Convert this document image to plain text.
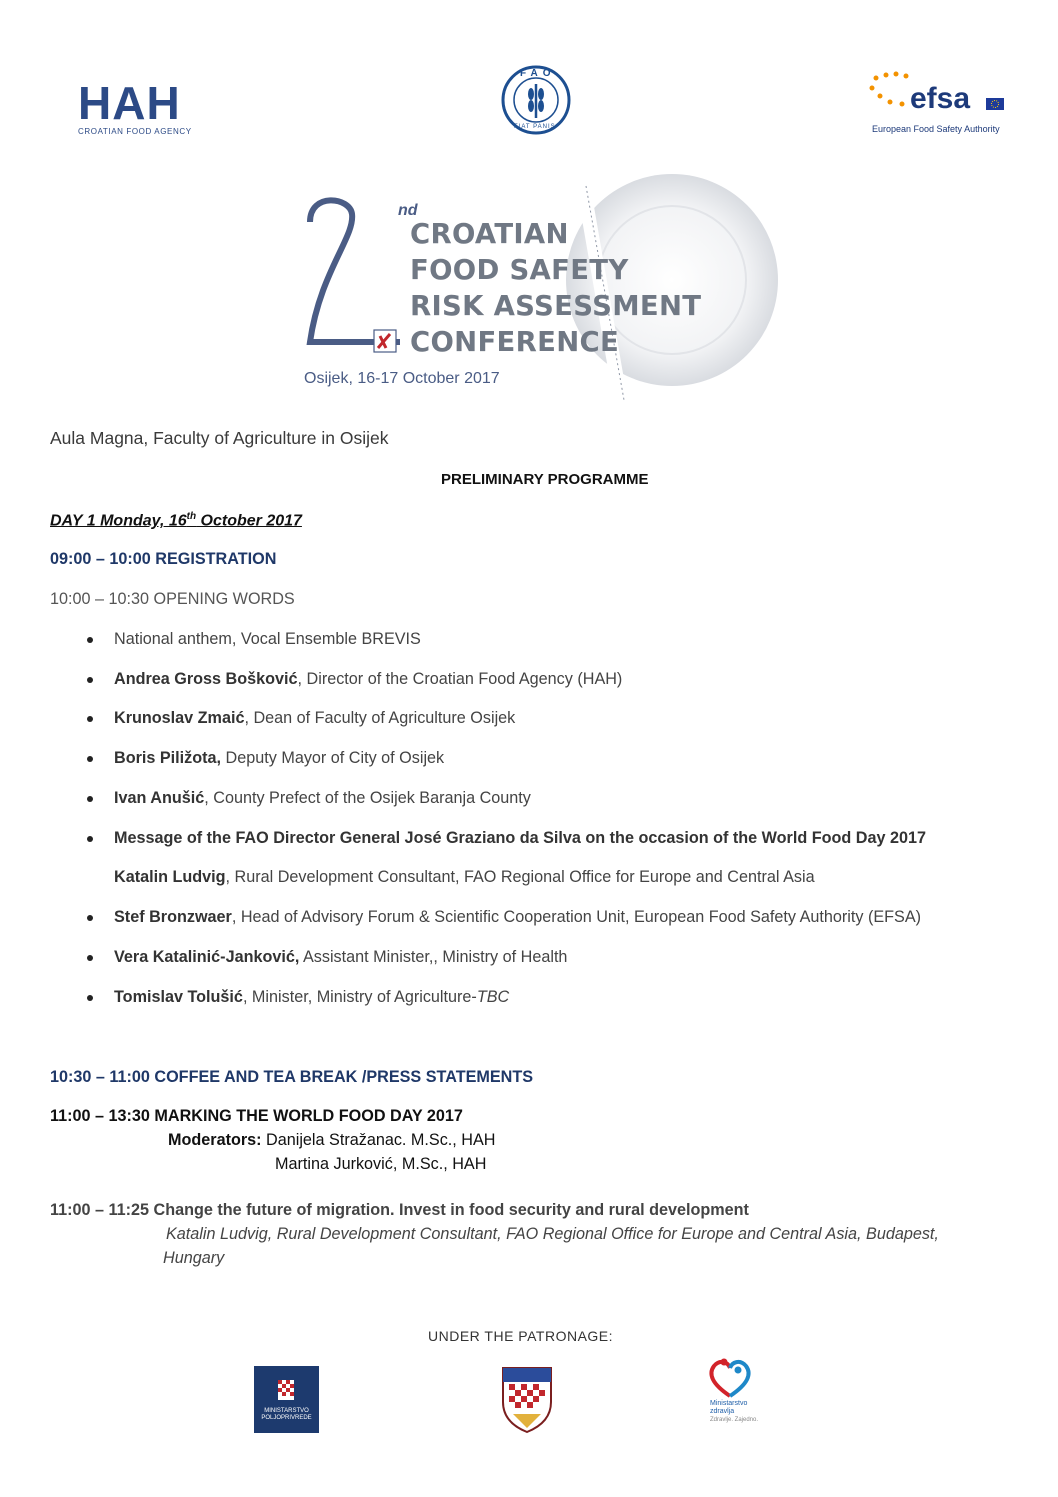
HAH
CROATIAN FOOD AGENCY
FAO
FIAT PANIS
efsa
European Food Safety Authority
nd
CROATIAN
FOOD SAFETY
RISK ASSESSMENT
CONFERENCE
Osijek, 16-17 October 2017
Aula Magna, Faculty of Agriculture in Osijek
PRELIMINARY PROGRAMME
DAY 1 Monday, 16th October 2017
09:00 – 10:00 REGISTRATION
10:00 – 10:30 OPENING WORDS
National anthem, Vocal Ensemble BREVIS
Andrea Gross Bošković, Director of the Croatian Food Agency (HAH)
Krunoslav Zmaić, Dean of Faculty of Agriculture Osijek
Boris Piližota, Deputy Mayor of City of Osijek
Ivan Anušić, County Prefect of the Osijek Baranja County
Message of the FAO Director General José Graziano da Silva on the occasion of the World Food Day 2017
Katalin Ludvig, Rural Development Consultant, FAO Regional Office for Europe and Central Asia
Stef Bronzwaer, Head of Advisory Forum & Scientific Cooperation Unit, European Food Safety Authority (EFSA)
Vera Katalinić-Janković, Assistant Minister,, Ministry of Health
Tomislav Tolušić, Minister, Ministry of Agriculture-TBC
10:30 – 11:00 COFFEE AND TEA BREAK /PRESS STATEMENTS
11:00 – 13:30 MARKING THE WORLD FOOD DAY 2017
Moderators: Danijela Stražanac. M.Sc., HAH
Martina Jurković, M.Sc., HAH
11:00 – 11:25 Change the future of migration. Invest in food security and rural development
Katalin Ludvig, Rural Development Consultant, FAO Regional Office for Europe and Central Asia, Budapest,
Hungary
UNDER THE PATRONAGE:
MINISTARSTVO POLJOPRIVREDE
Ministarstvo
zdravlja
Zdravlje. Zajedno.
